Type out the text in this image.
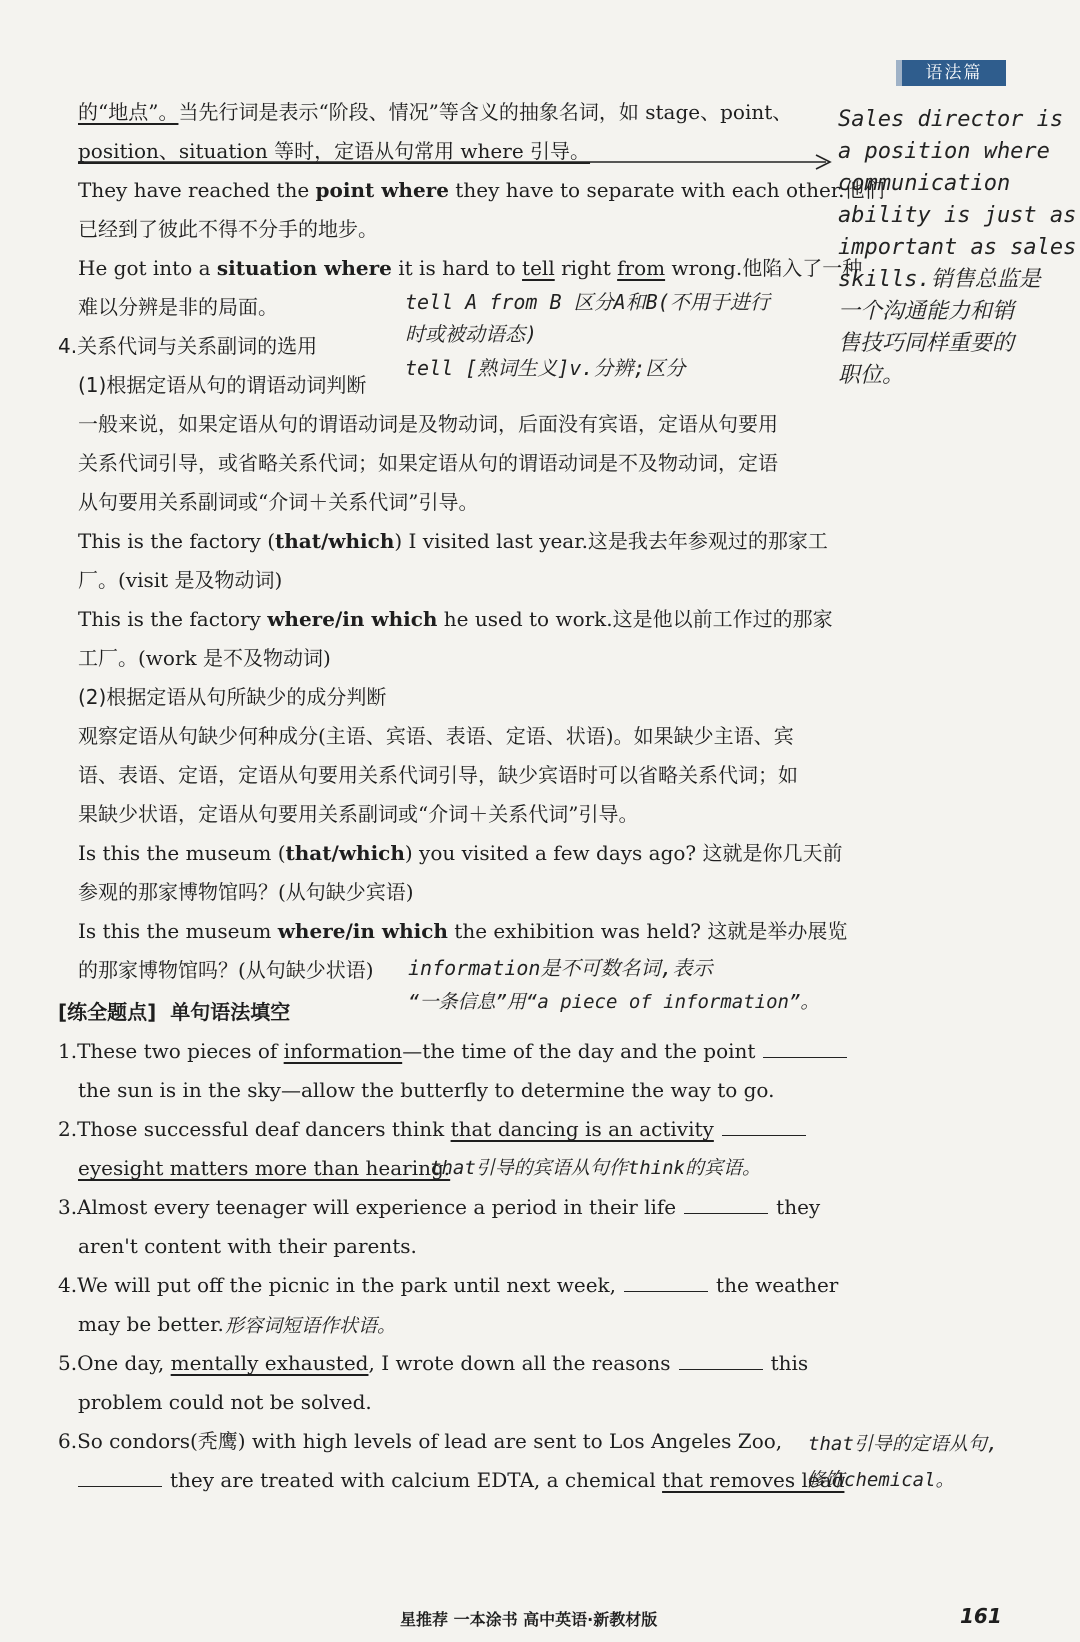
语法篇
的“地点”。当先行词是表示“阶段、情况”等含义的抽象名词，如 stage、point、
position、situation 等时，定语从句常用 where 引导。
They have reached the point where they have to separate with each other.他们
已经到了彼此不得不分手的地步。
He got into a situation where it is hard to tell right from wrong.他陷入了一种
难以分辨是非的局面。
4.关系代词与关系副词的选用
(1)根据定语从句的谓语动词判断
一般来说，如果定语从句的谓语动词是及物动词，后面没有宾语，定语从句要用
关系代词引导，或省略关系代词；如果定语从句的谓语动词是不及物动词，定语
从句要用关系副词或“介词＋关系代词”引导。
This is the factory (that/which) I visited last year.这是我去年参观过的那家工
厂。(visit 是及物动词)
This is the factory where/in which he used to work.这是他以前工作过的那家
工厂。(work 是不及物动词)
(2)根据定语从句所缺少的成分判断
观察定语从句缺少何种成分(主语、宾语、表语、定语、状语)。如果缺少主语、宾
语、表语、定语，定语从句要用关系代词引导，缺少宾语时可以省略关系代词；如
果缺少状语，定语从句要用关系副词或“介词＋关系代词”引导。
Is this the museum (that/which) you visited a few days ago? 这就是你几天前
参观的那家博物馆吗？(从句缺少宾语)
Is this the museum where/in which the exhibition was held? 这就是举办展览
的那家博物馆吗？(从句缺少状语)
[练全题点] 单句语法填空
1.These two pieces of information—the time of the day and the point
the sun is in the sky—allow the butterfly to determine the way to go.
2.Those successful deaf dancers think that dancing is an activity
eyesight matters more than hearing.
3.Almost every teenager will experience a period in their life	they
aren't content with their parents.
4.We will put off the picnic in the park until next week,	the weather
may be better.
5.One day, mentally exhausted, I wrote down all the reasons	this
problem could not be solved.
6.So condors(秃鹰) with high levels of lead are sent to Los Angeles Zoo,
they are treated with calcium EDTA, a chemical that removes lead
Sales director is
a position where
communication
ability is just as
important as sales
skills.销售总监是
一个沟通能力和销
售技巧同样重要的
职位。
tell A from B 区分A和B(不用于进行
时或被动语态)
tell [熟词生义]v.分辨;区分
information是不可数名词,表示
“一条信息”用“a piece of information”。
that引导的宾语从句作think的宾语。
形容词短语作状语。
that引导的定语从句,
修饰chemical。
星推荐 一本涂书 高中英语·新教材版	161
